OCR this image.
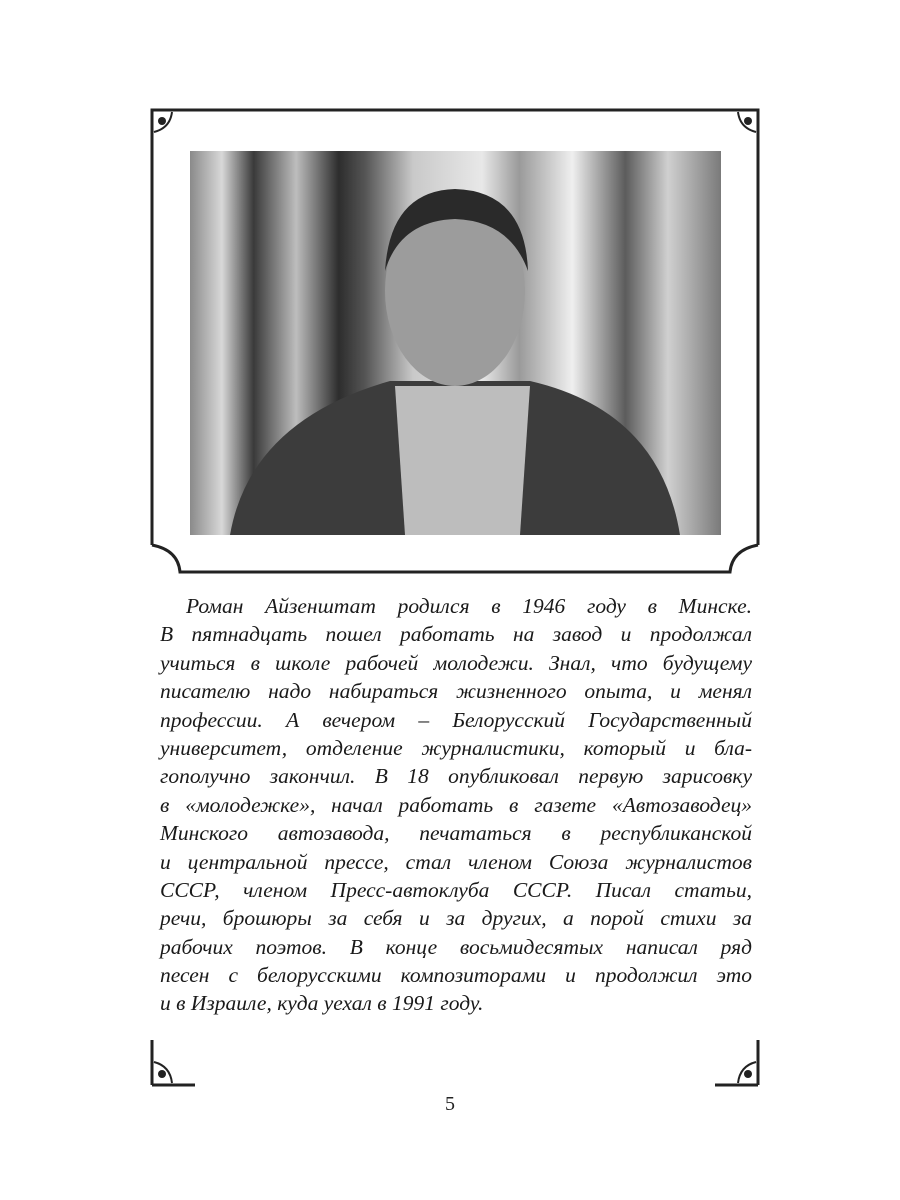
Роман Айзенштат родился в 1946 году в Минске.
В пятнадцать пошел работать на завод и продолжал
учиться в школе рабочей молодежи. Знал, что будущему
писателю надо набираться жизненного опыта, и менял
профессии. А вечером – Белорусский Государственный
университет, отделение журналистики, который и бла-
гополучно закончил. В 18 опубликовал первую зарисовку
в «молодежке», начал работать в газете «Автозаводец»
Минского автозавода, печататься в республиканской
и центральной прессе, стал членом Союза журналистов
СССР, членом Пресс-автоклуба СССР. Писал статьи,
речи, брошюры за себя и за других, а порой стихи за
рабочих поэтов. В конце восьмидесятых написал ряд
песен с белорусскими композиторами и продолжил это
и в Израиле, куда уехал в 1991 году.
5
